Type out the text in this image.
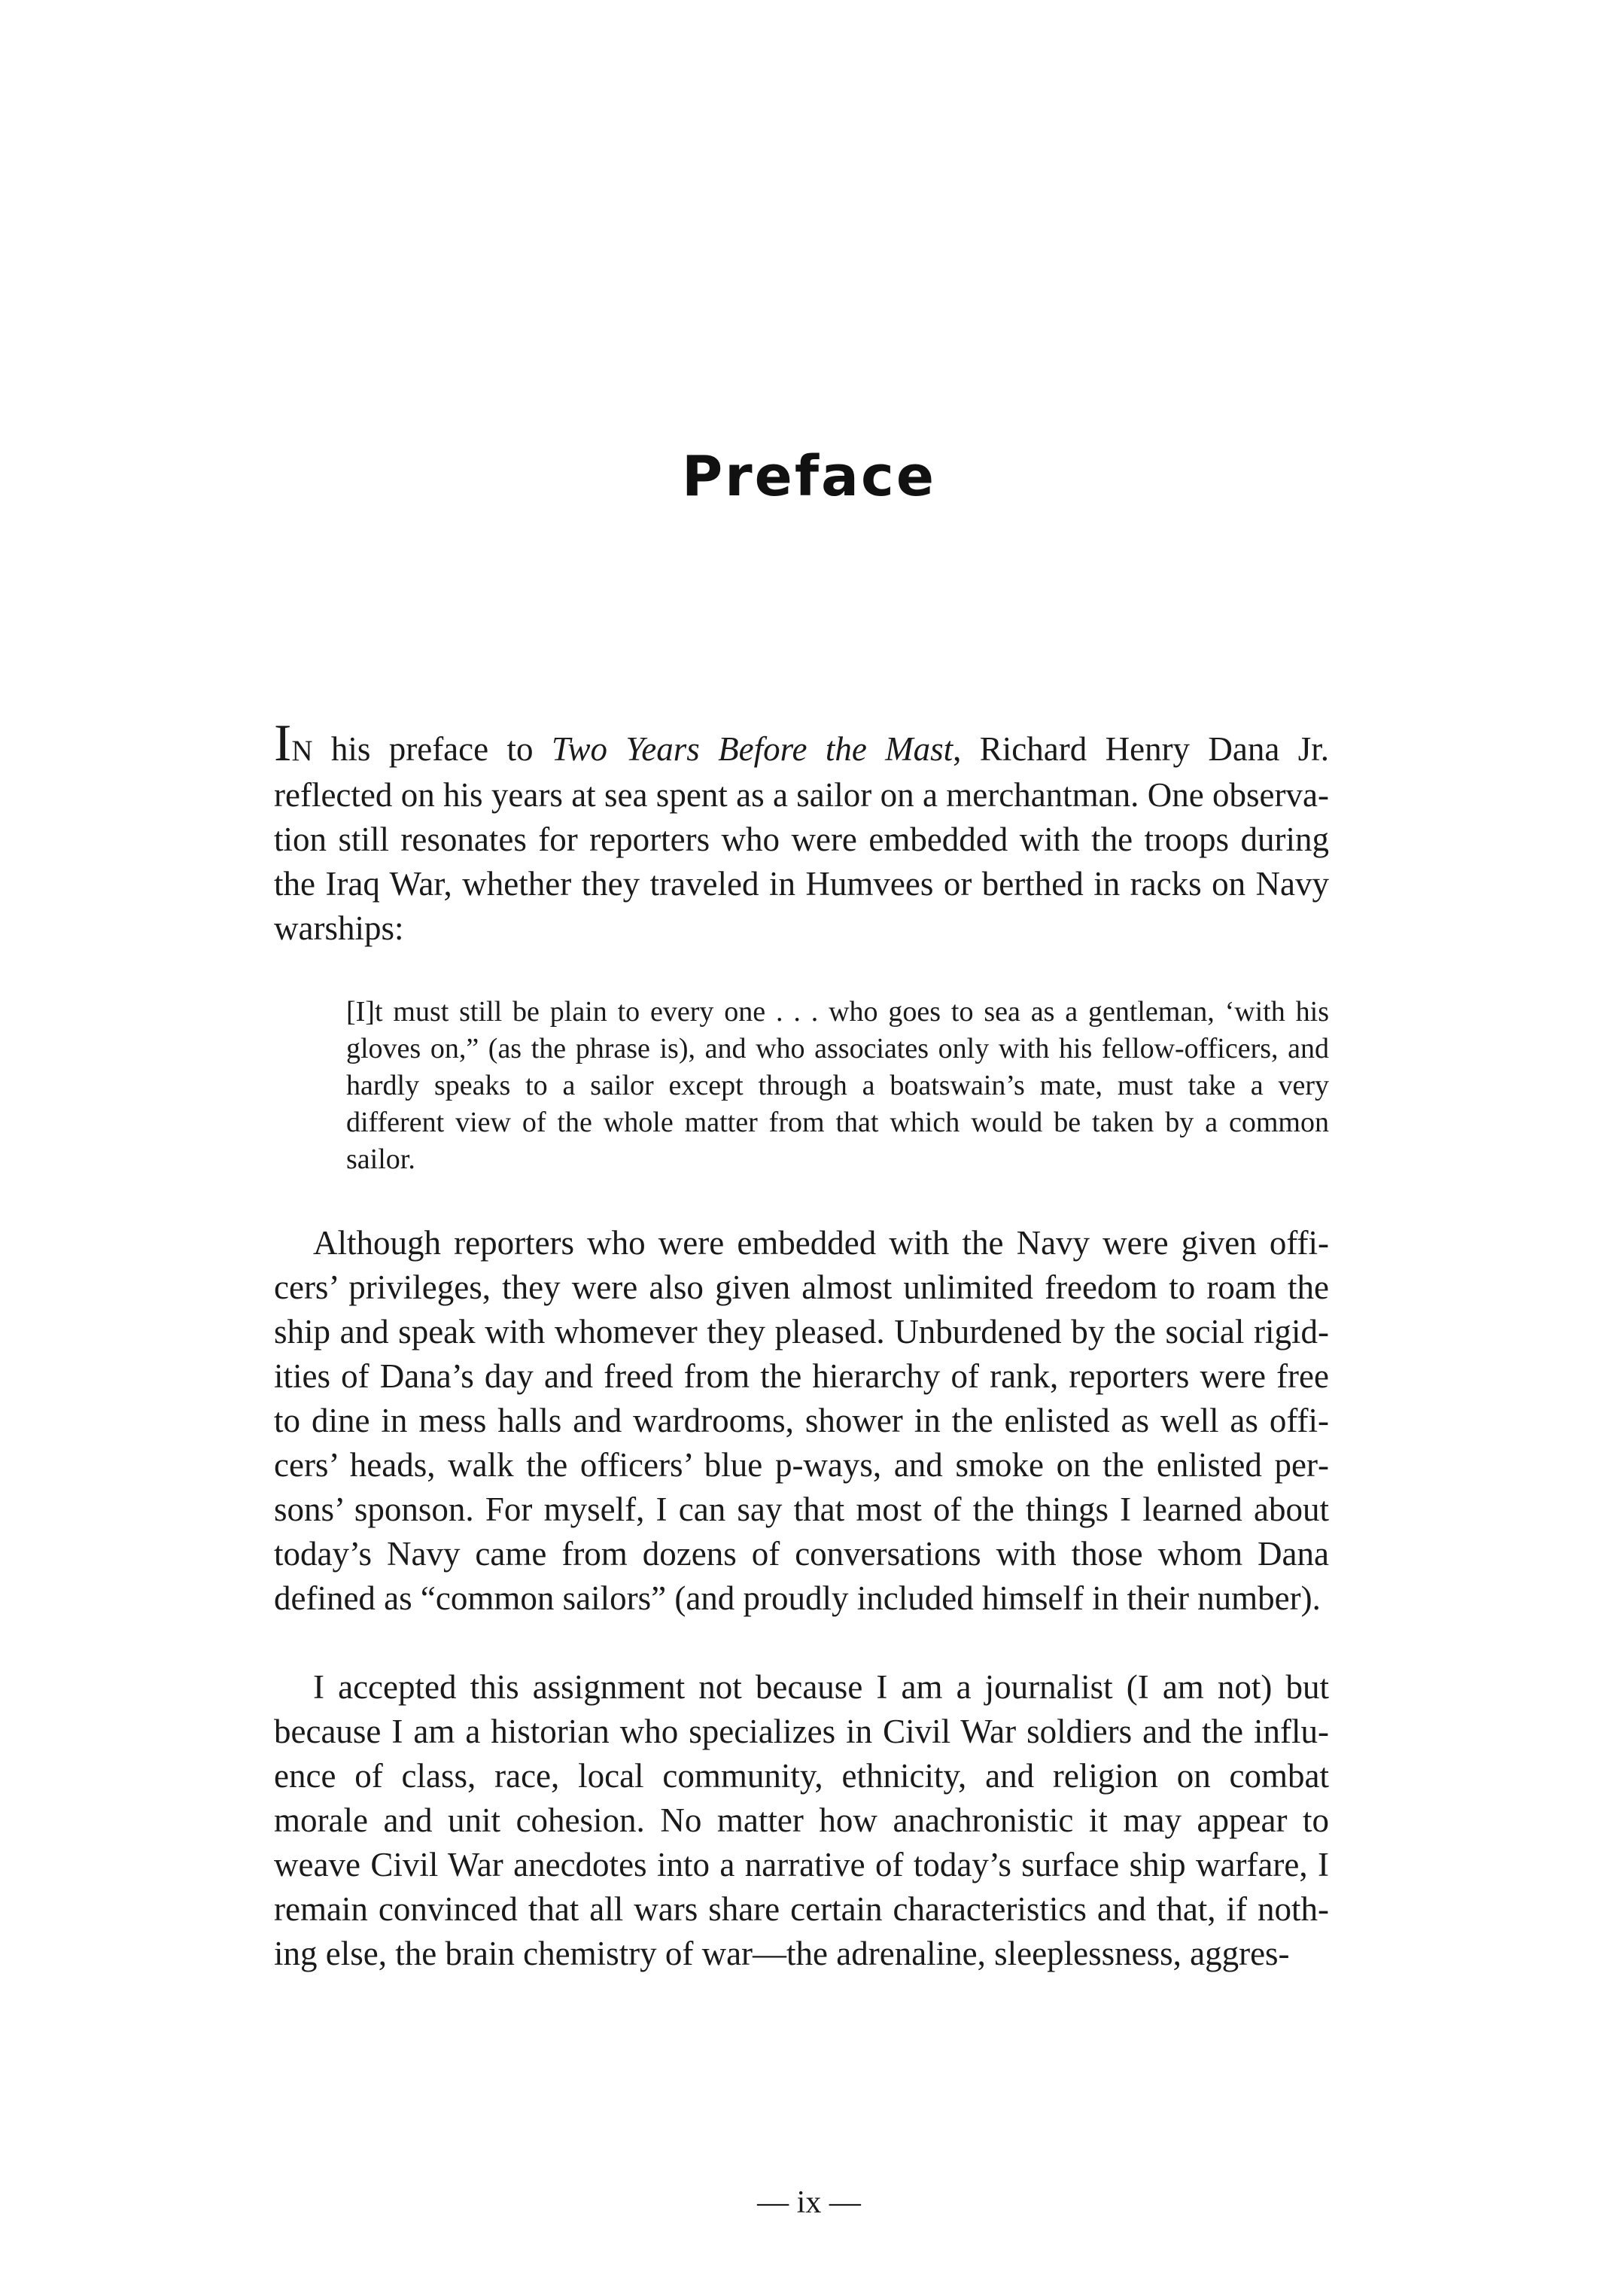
Preface

IN his preface to Two Years Before the Mast, Richard Henry Dana Jr. reflected on his years at sea spent as a sailor on a merchantman. One observation still resonates for reporters who were embedded with the troops during the Iraq War, whether they traveled in Humvees or berthed in racks on Navy warships:

[I]t must still be plain to every one . . . who goes to sea as a gentleman, ‘with his gloves on,” (as the phrase is), and who associates only with his fellow-officers, and hardly speaks to a sailor except through a boatswain’s mate, must take a very different view of the whole matter from that which would be taken by a common sailor.

Although reporters who were embedded with the Navy were given officers’ privileges, they were also given almost unlimited freedom to roam the ship and speak with whomever they pleased. Unburdened by the social rigidities of Dana’s day and freed from the hierarchy of rank, reporters were free to dine in mess halls and wardrooms, shower in the enlisted as well as officers’ heads, walk the officers’ blue p-ways, and smoke on the enlisted persons’ sponson. For myself, I can say that most of the things I learned about today’s Navy came from dozens of conversations with those whom Dana defined as “common sailors” (and proudly included himself in their number).

I accepted this assignment not because I am a journalist (I am not) but because I am a historian who specializes in Civil War soldiers and the influence of class, race, local community, ethnicity, and religion on combat morale and unit cohesion. No matter how anachronistic it may appear to weave Civil War anecdotes into a narrative of today’s surface ship warfare, I remain convinced that all wars share certain characteristics and that, if nothing else, the brain chemistry of war—the adrenaline, sleeplessness, aggres-

— ix —
